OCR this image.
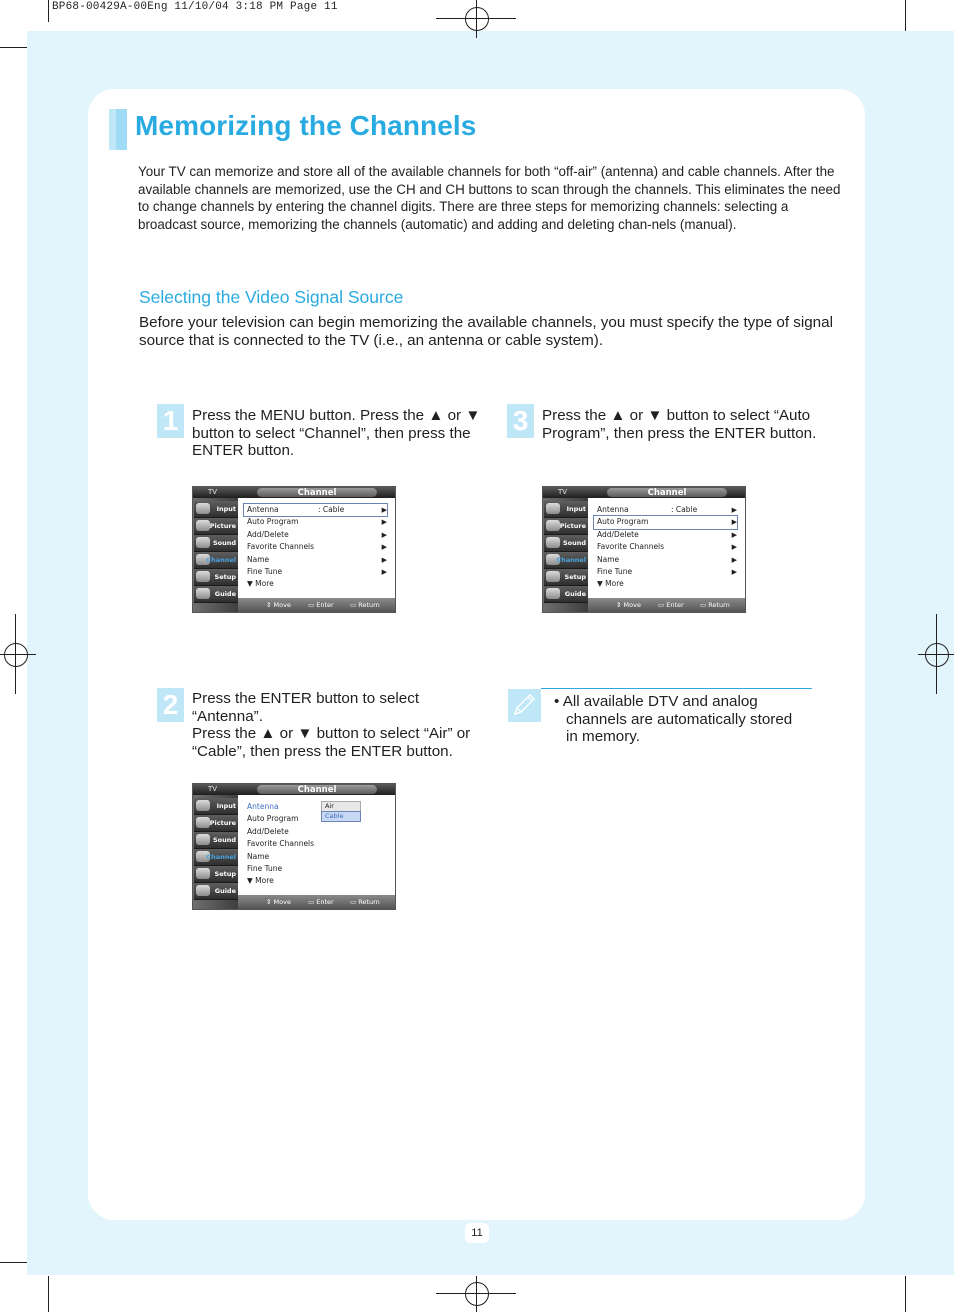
BP68-00429A-00Eng 11/10/04 3:18 PM Page 11
Memorizing the Channels
Your TV can memorize and store all of the available channels for both “off-air” (antenna) and cable channels. After the available channels are memorized, use the CH and CH buttons to scan through the channels. This eliminates the need to change channels by entering the channel digits. There are three steps for memorizing channels: selecting a broadcast source, memorizing the channels (automatic) and adding and deleting chan-nels (manual).
Selecting the Video Signal Source
Before your television can begin memorizing the available channels, you must specify the type of signal source that is connected to the TV (i.e., an antenna or cable system).
1 Press the MENU button. Press the ▲ or ▼ button to select “Channel”, then press the ENTER button.
3 Press the ▲ or ▼ button to select “Auto Program”, then press the ENTER button.
2 Press the ENTER button to select “Antenna”.

Press the ▲ or ▼ button to select “Air” or “Cable”, then press the ENTER button.

TV	Channel
Input
Picture
Sound
Channel
Setup
Guide
Antenna	: Cable	▶
Auto Program	▶
Add/Delete	▶
Favorite Channels	▶
Name	▶
Fine Tune	▶
▼ More
⇕ Move	▭ Enter	▭ Return
TV	Channel
Input
Picture
Sound
Channel
Setup
Guide
Antenna	: Cable	▶
Auto Program	▶
Add/Delete	▶
Favorite Channels	▶
Name	▶
Fine Tune	▶
▼ More
⇕ Move	▭ Enter	▭ Return
TV	Channel
Input
Picture
Sound
Channel
Setup
Guide
Antenna
Auto Program
Add/Delete
Favorite Channels
Name
Fine Tune
▼ More
Air
Cable
⇕ Move	▭ Enter	▭ Return
• All available DTV and analog
channels are automatically stored
in memory.
11
